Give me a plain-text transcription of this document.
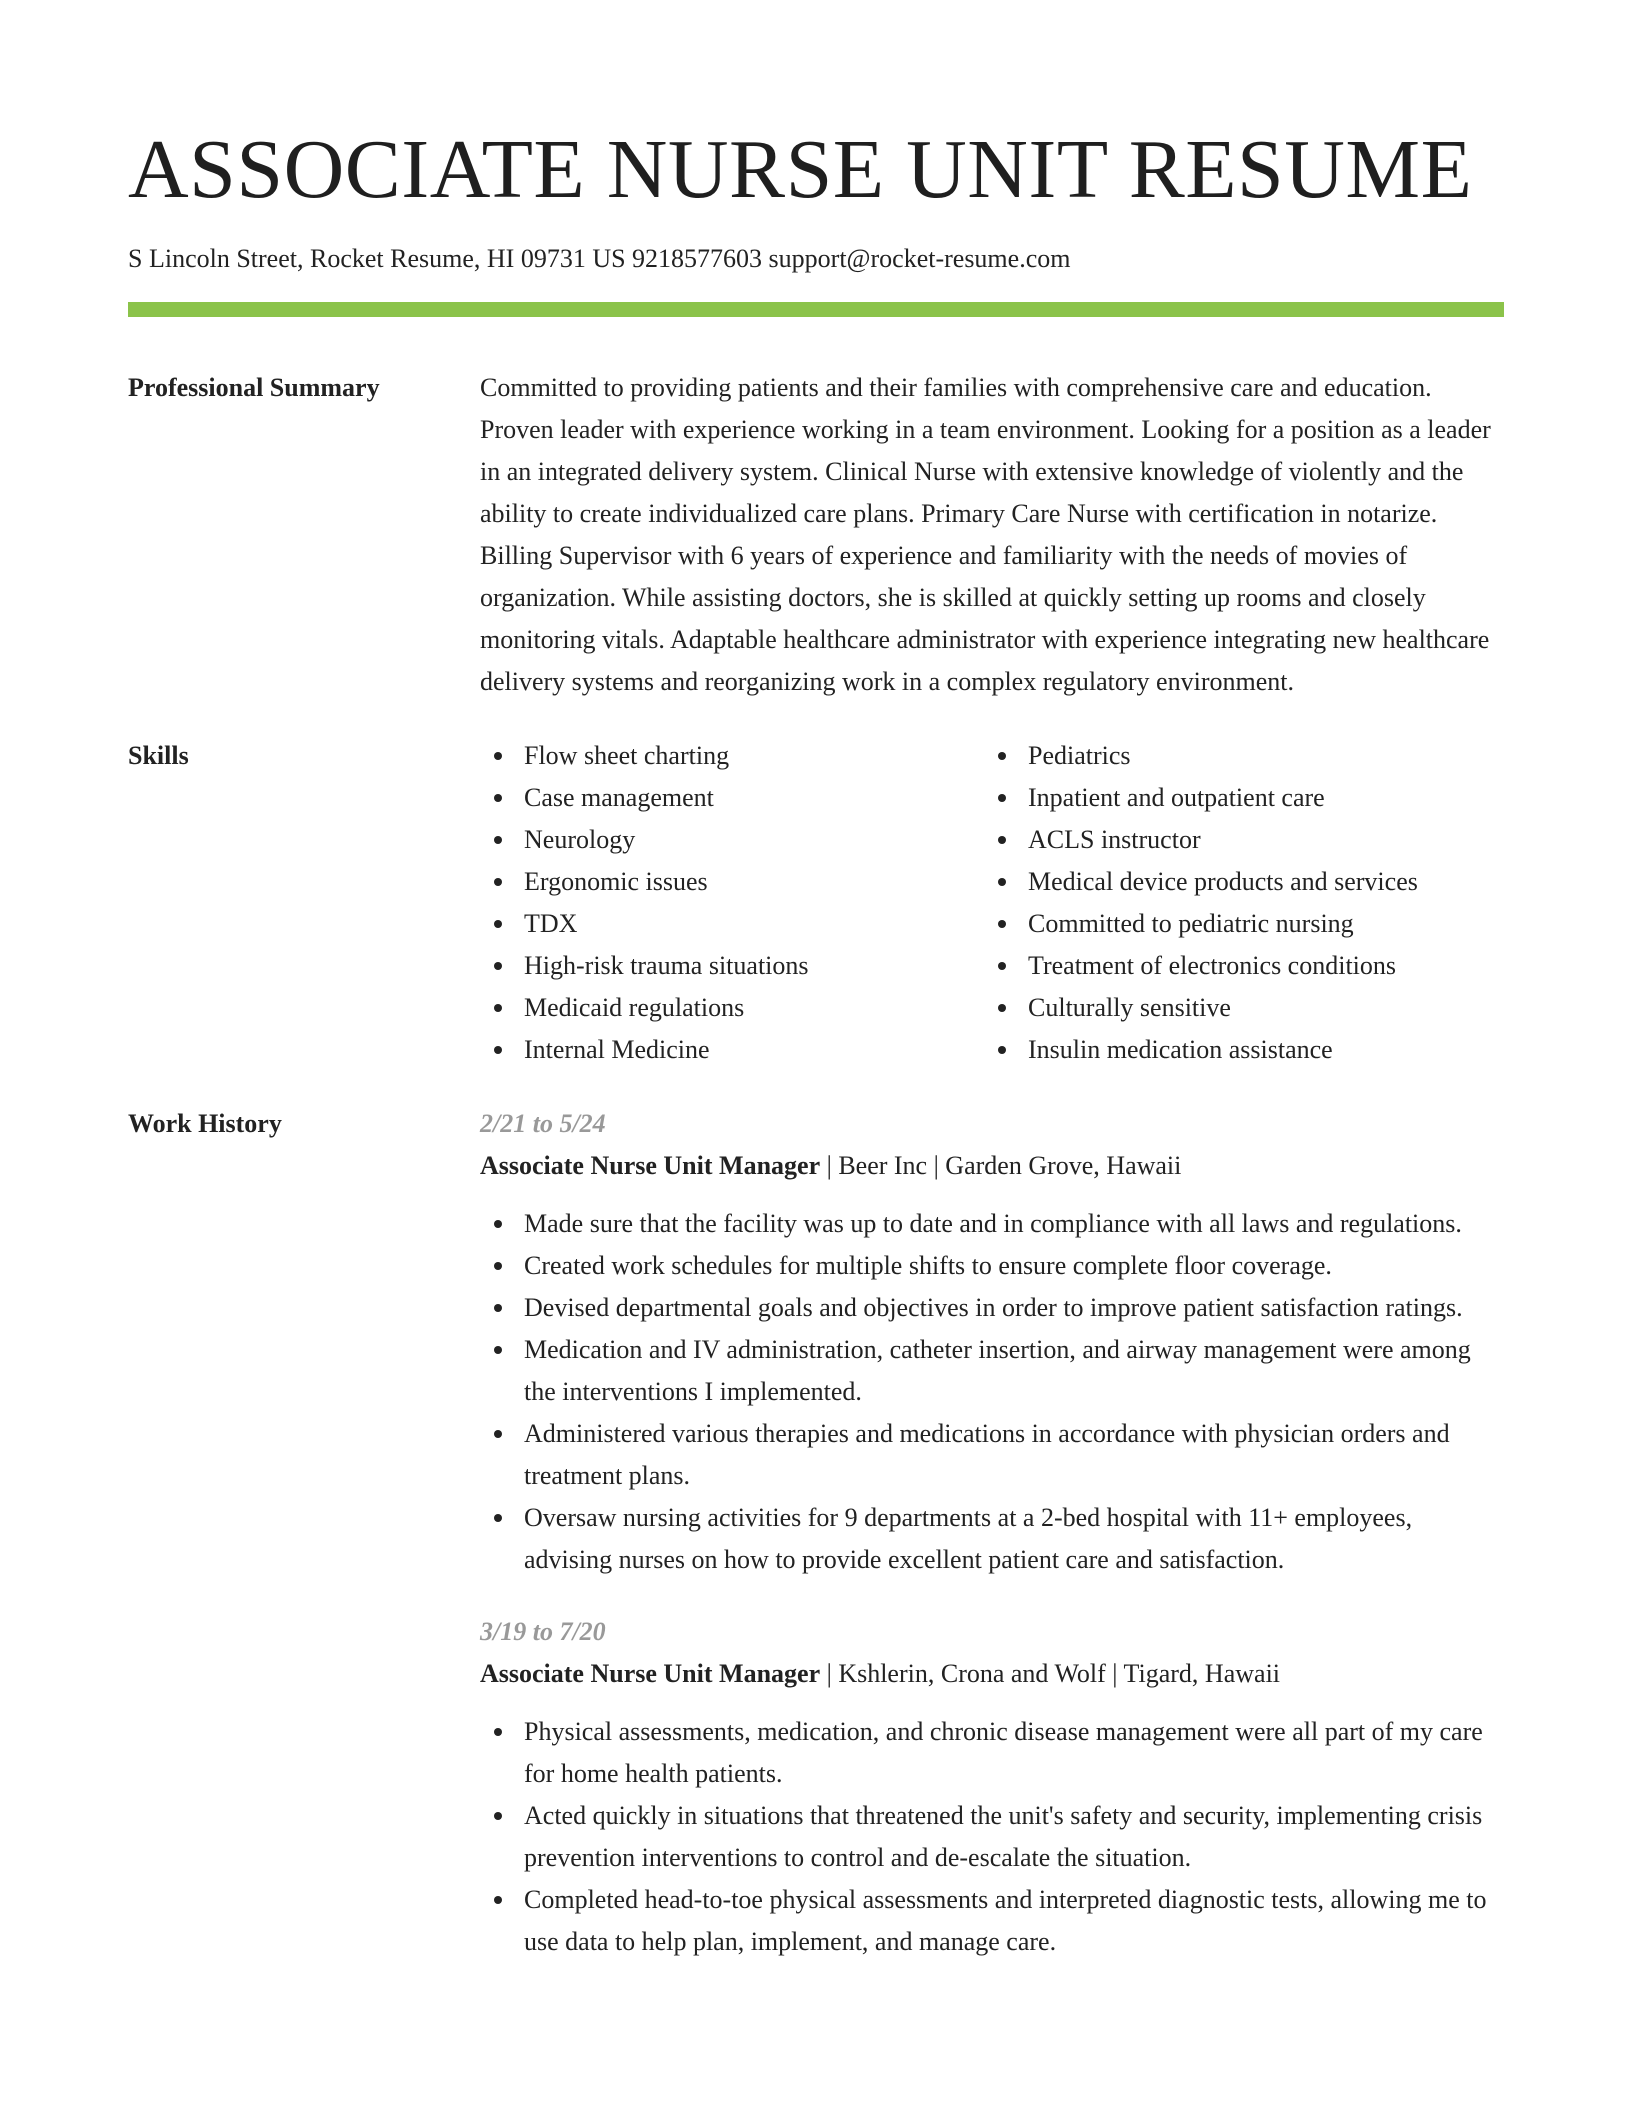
ASSOCIATE NURSE UNIT RESUME
S Lincoln Street, Rocket Resume, HI 09731 US 9218577603 support@rocket-resume.com
Professional Summary	Committed to providing patients and their families with comprehensive care and education. Proven leader with experience working in a team environment. Looking for a position as a leader in an integrated delivery system. Clinical Nurse with extensive knowledge of violently and the ability to create individualized care plans. Primary Care Nurse with certification in notarize. Billing Supervisor with 6 years of experience and familiarity with the needs of movies of organization. While assisting doctors, she is skilled at quickly setting up rooms and closely monitoring vitals. Adaptable healthcare administrator with experience integrating new healthcare delivery systems and reorganizing work in a complex regulatory environment.
Skills	Flow sheet charting
Case management
Neurology
Ergonomic issues
TDX
High-risk trauma situations
Medicaid regulations
Internal Medicine
Pediatrics
Inpatient and outpatient care
ACLS instructor
Medical device products and services
Committed to pediatric nursing
Treatment of electronics conditions
Culturally sensitive
Insulin medication assistance
Work History	2/21 to 5/24
Associate Nurse Unit Manager | Beer Inc | Garden Grove, Hawaii
Made sure that the facility was up to date and in compliance with all laws and regulations.
Created work schedules for multiple shifts to ensure complete floor coverage.
Devised departmental goals and objectives in order to improve patient satisfaction ratings.
Medication and IV administration, catheter insertion, and airway management were among the interventions I implemented.
Administered various therapies and medications in accordance with physician orders and treatment plans.
Oversaw nursing activities for 9 departments at a 2-bed hospital with 11+ employees, advising nurses on how to provide excellent patient care and satisfaction.
3/19 to 7/20
Associate Nurse Unit Manager | Kshlerin, Crona and Wolf | Tigard, Hawaii
Physical assessments, medication, and chronic disease management were all part of my care for home health patients.
Acted quickly in situations that threatened the unit's safety and security, implementing crisis prevention interventions to control and de-escalate the situation.
Completed head-to-toe physical assessments and interpreted diagnostic tests, allowing me to use data to help plan, implement, and manage care.
